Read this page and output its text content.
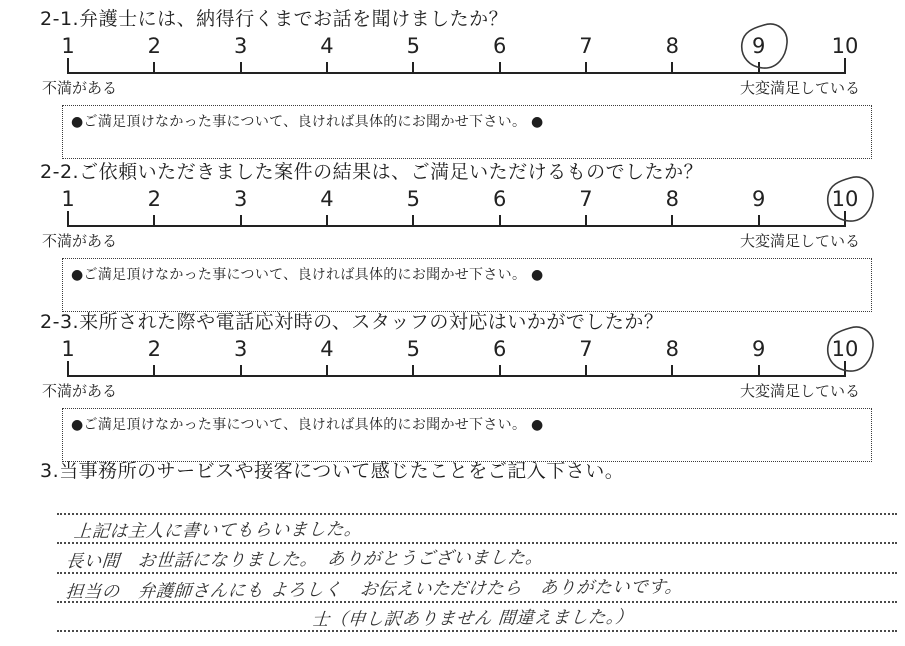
2-1.弁護士には、納得行くまでお話を聞けましたか？
1	2	3	4	5	6	7	8	9	10
不満がある	大変満足している
●ご満足頂けなかった事について、良ければ具体的にお聞かせ下さい。 ●
2-2.ご依頼いただきました案件の結果は、ご満足いただけるものでしたか？
1	2	3	4	5	6	7	8	9	10
不満がある	大変満足している
●ご満足頂けなかった事について、良ければ具体的にお聞かせ下さい。 ●
2-3.来所された際や電話応対時の、スタッフの対応はいかがでしたか？
1	2	3	4	5	6	7	8	9	10
不満がある	大変満足している
●ご満足頂けなかった事について、良ければ具体的にお聞かせ下さい。 ●
3.当事務所のサービスや接客について感じたことをご記入下さい。
上記は主人に書いてもらいました。
長い間　お世話になりました。　ありがとうございました。
担当の　弁護師さんにも よろしく　お伝えいただけたら　ありがたいです。
士（申し訳ありません 間違えました。）
